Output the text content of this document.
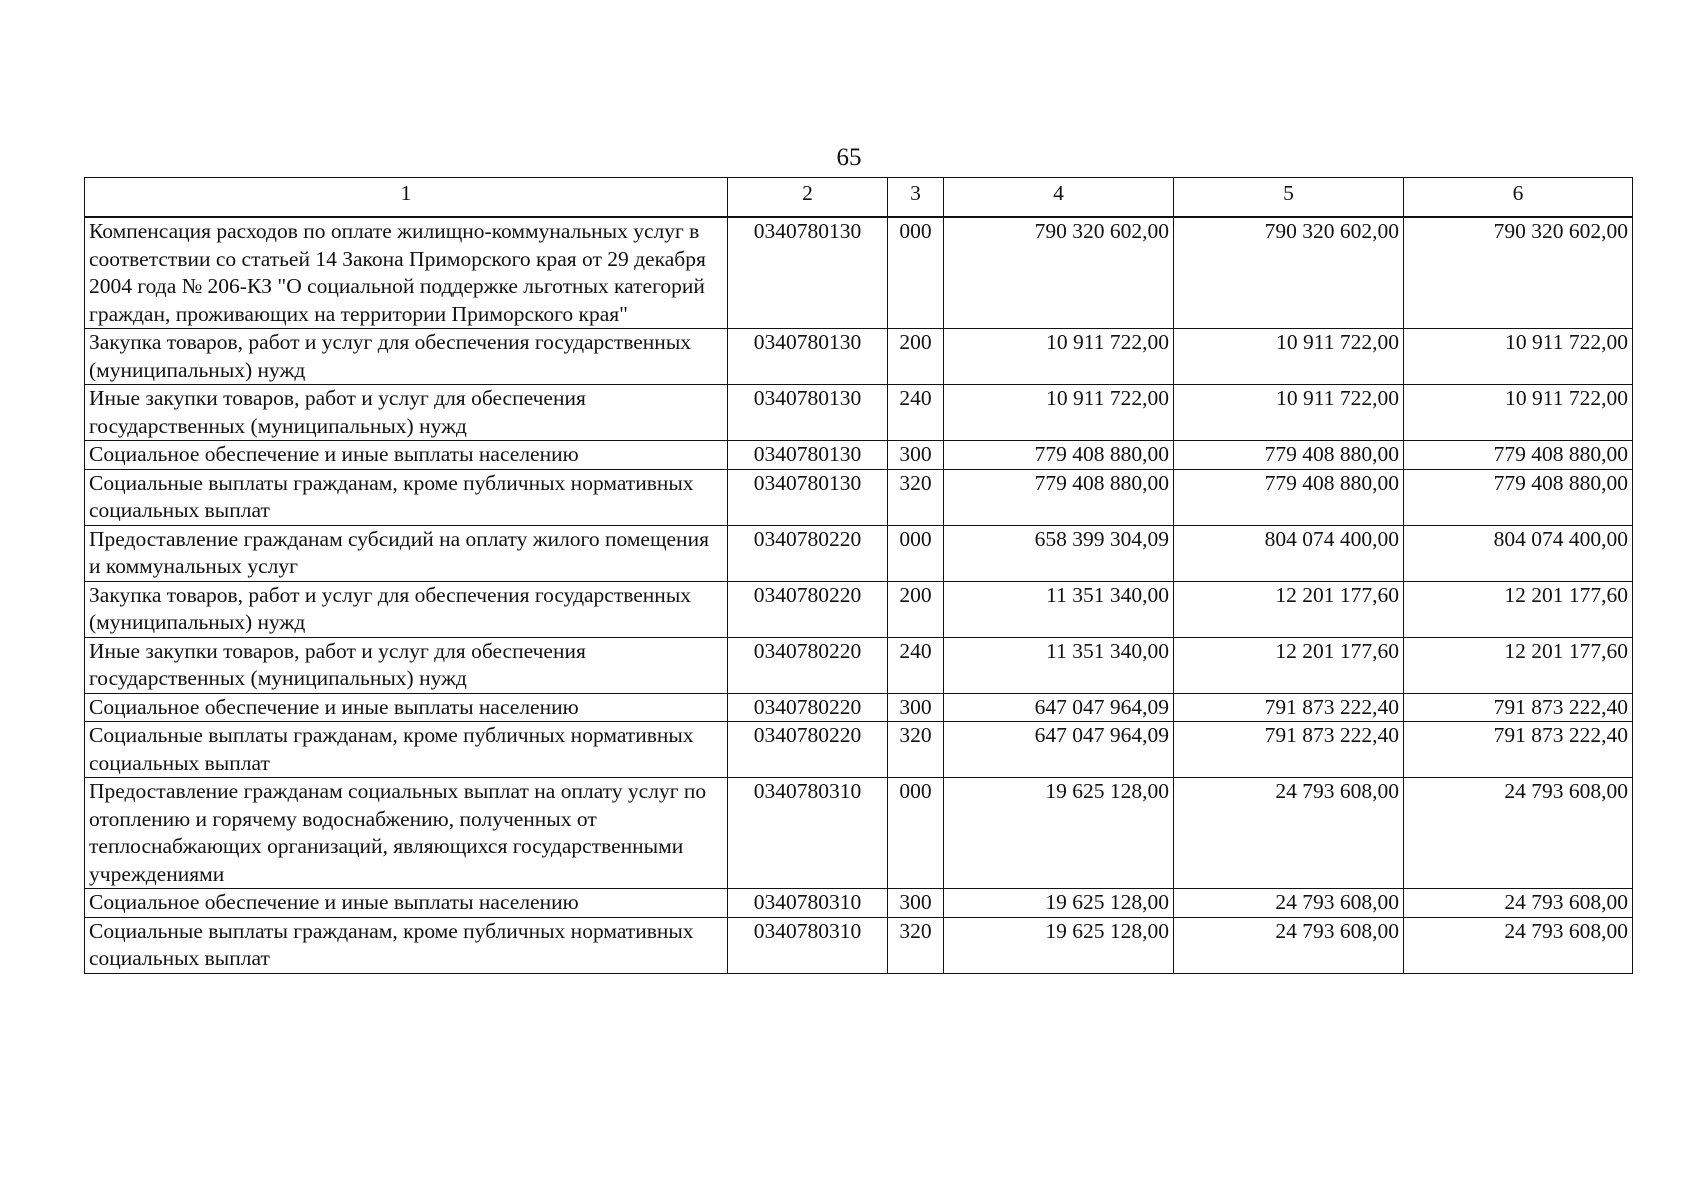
65
1	2	3	4	5	6
Компенсация расходов по оплате жилищно-коммунальных услуг в соответствии со статьей 14 Закона Приморского края от 29 декабря 2004 года № 206-КЗ "О социальной поддержке льготных категорий граждан, проживающих на территории Приморского края"	0340780130	000	790 320 602,00	790 320 602,00	790 320 602,00
Закупка товаров, работ и услуг для обеспечения государственных (муниципальных) нужд	0340780130	200	10 911 722,00	10 911 722,00	10 911 722,00
Иные закупки товаров, работ и услуг для обеспечения государственных (муниципальных) нужд	0340780130	240	10 911 722,00	10 911 722,00	10 911 722,00
Социальное обеспечение и иные выплаты населению	0340780130	300	779 408 880,00	779 408 880,00	779 408 880,00
Социальные выплаты гражданам, кроме публичных нормативных социальных выплат	0340780130	320	779 408 880,00	779 408 880,00	779 408 880,00
Предоставление гражданам субсидий на оплату жилого помещения и коммунальных услуг	0340780220	000	658 399 304,09	804 074 400,00	804 074 400,00
Закупка товаров, работ и услуг для обеспечения государственных (муниципальных) нужд	0340780220	200	11 351 340,00	12 201 177,60	12 201 177,60
Иные закупки товаров, работ и услуг для обеспечения государственных (муниципальных) нужд	0340780220	240	11 351 340,00	12 201 177,60	12 201 177,60
Социальное обеспечение и иные выплаты населению	0340780220	300	647 047 964,09	791 873 222,40	791 873 222,40
Социальные выплаты гражданам, кроме публичных нормативных социальных выплат	0340780220	320	647 047 964,09	791 873 222,40	791 873 222,40
Предоставление гражданам социальных выплат на оплату услуг по отоплению и горячему водоснабжению, полученных от теплоснабжающих организаций, являющихся государственными учреждениями	0340780310	000	19 625 128,00	24 793 608,00	24 793 608,00
Социальное обеспечение и иные выплаты населению	0340780310	300	19 625 128,00	24 793 608,00	24 793 608,00
Социальные выплаты гражданам, кроме публичных нормативных социальных выплат	0340780310	320	19 625 128,00	24 793 608,00	24 793 608,00
